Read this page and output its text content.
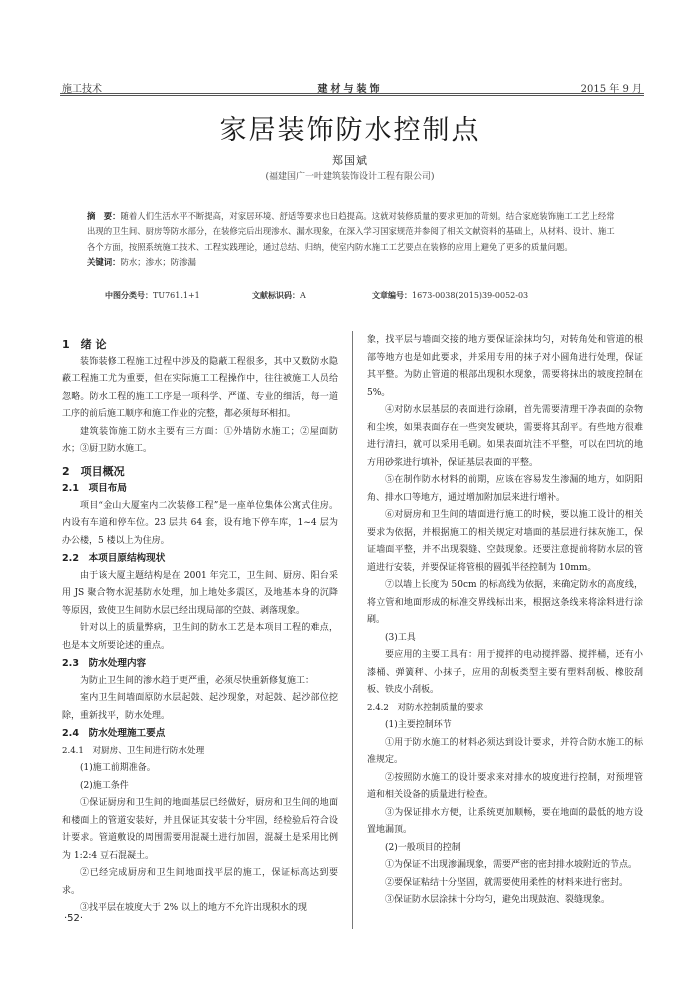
施工技术	建材与装饰	2015 年 9 月
家居装饰防水控制点
郑国斌
(福建国广一叶建筑装饰设计工程有限公司)
摘　要：随着人们生活水平不断提高，对家居环境、舒适等要求也日趋提高。这就对装修质量的要求更加的苛刻。结合家庭装饰施工工艺上经常出现的卫生间、厨房等防水部分，在装修完后出现渗水、漏水现象，在深入学习国家规范并参阅了相关文献资料的基础上，从材料、设计、施工各个方面，按照系统施工技术、工程实践理论，通过总结、归纳，使室内防水施工工艺要点在装修的应用上避免了更多的质量问题。
关键词：防水；渗水；防渗漏
中图分类号：TU761.1+1	文献标识码：A	文章编号：1673-0038(2015)39-0052-03

1　绪 论

装饰装修工程施工过程中涉及的隐蔽工程很多，其中又数防水隐蔽工程施工尤为重要，但在实际施工工程操作中，往往被施工人员给忽略。防水工程的施工工序是一项科学、严谨、专业的细活，每一道工序的前后施工顺序和施工作业的完整，都必须每环相扣。

建筑装饰施工防水主要有三方面：①外墙防水施工；②屋面防水；③厨卫防水施工。

2　项目概况

2.1　项目布局

项目“金山大厦室内二次装修工程”是一座单位集体公寓式住房。内设有车道和停车位。23 层共 64 套，设有地下停车库，1~4 层为办公楼，5 楼以上为住房。

2.2　本项目原结构现状

由于该大厦主题结构是在 2001 年完工，卫生间、厨房、阳台采用 JS 聚合物水泥基防水处理，加上地处多震区，及地基本身的沉降等原因，致使卫生间防水层已经出现局部的空鼓、剥落现象。

针对以上的质量弊病，卫生间的防水工艺是本项目工程的难点，也是本文所要论述的重点。

2.3　防水处理内容

为防止卫生间的渗水趋于更严重，必须尽快重新修复施工：

室内卫生间墙面原防水层起鼓、起沙现象，对起鼓、起沙部位挖除，重新找平，防水处理。

2.4　防水处理施工要点

2.4.1　对厨房、卫生间进行防水处理

(1)施工前期准备。

(2)施工条件

①保证厨房和卫生间的地面基层已经做好，厨房和卫生间的地面和楼面上的管道安装好，并且保证其安装十分牢固，经检验后符合设计要求。管道敷设的周围需要用混凝土进行加固，混凝土是采用比例为 1:2:4 豆石混凝土。

②已经完成厨房和卫生间地面找平层的施工，保证标高达到要求。

③找平层在坡度大于 2% 以上的地方不允许出现积水的现

象，找平层与墙面交接的地方要保证涂抹均匀，对转角处和管道的根部等地方也是如此要求，并采用专用的抹子对小圆角进行处理，保证其平整。为防止管道的根部出现积水现象，需要将抹出的坡度控制在 5%。

④对防水层基层的表面进行涂刷，首先需要清理干净表面的杂物和尘埃，如果表面存在一些突发硬块，需要将其刮平。有些地方很难进行清扫，就可以采用毛刷。如果表面坑洼不平整，可以在凹坑的地方用砂浆进行填补，保证基层表面的平整。

⑤在制作防水材料的前期，应该在容易发生渗漏的地方，如阴阳角、排水口等地方，通过增加附加层来进行增补。

⑥对厨房和卫生间的墙面进行施工的时候，要以施工设计的相关要求为依据，并根据施工的相关规定对墙面的基层进行抹灰施工，保证墙面平整，并不出现裂缝、空鼓现象。还要注意提前将防水层的管道进行安装，并要保证将管根的圆弧半径控制为 10mm。

⑦以墙上长度为 50cm 的标高线为依据，来确定防水的高度线，将立管和地面形成的标准交界线标出来，根据这条线来将涂料进行涂刷。

(3)工具

要应用的主要工具有：用于搅拌的电动搅拌器、搅拌桶，还有小漆桶、弹簧秤、小抹子，应用的刮板类型主要有塑料刮板、橡胶刮板、铁皮小刮板。

2.4.2　对防水控制质量的要求

(1)主要控制环节

①用于防水施工的材料必须达到设计要求，并符合防水施工的标准规定。

②按照防水施工的设计要求来对排水的坡度进行控制，对预埋管道和相关设备的质量进行检查。

③为保证排水方便，让系统更加顺畅，要在地面的最低的地方设置地漏顶。

(2)一般项目的控制

①为保证不出现渗漏现象，需要严密的密封排水坡附近的节点。

②要保证粘结十分坚固，就需要使用柔性的材料来进行密封。

③保证防水层涂抹十分均匀，避免出现鼓泡、裂缝现象。

·52·
